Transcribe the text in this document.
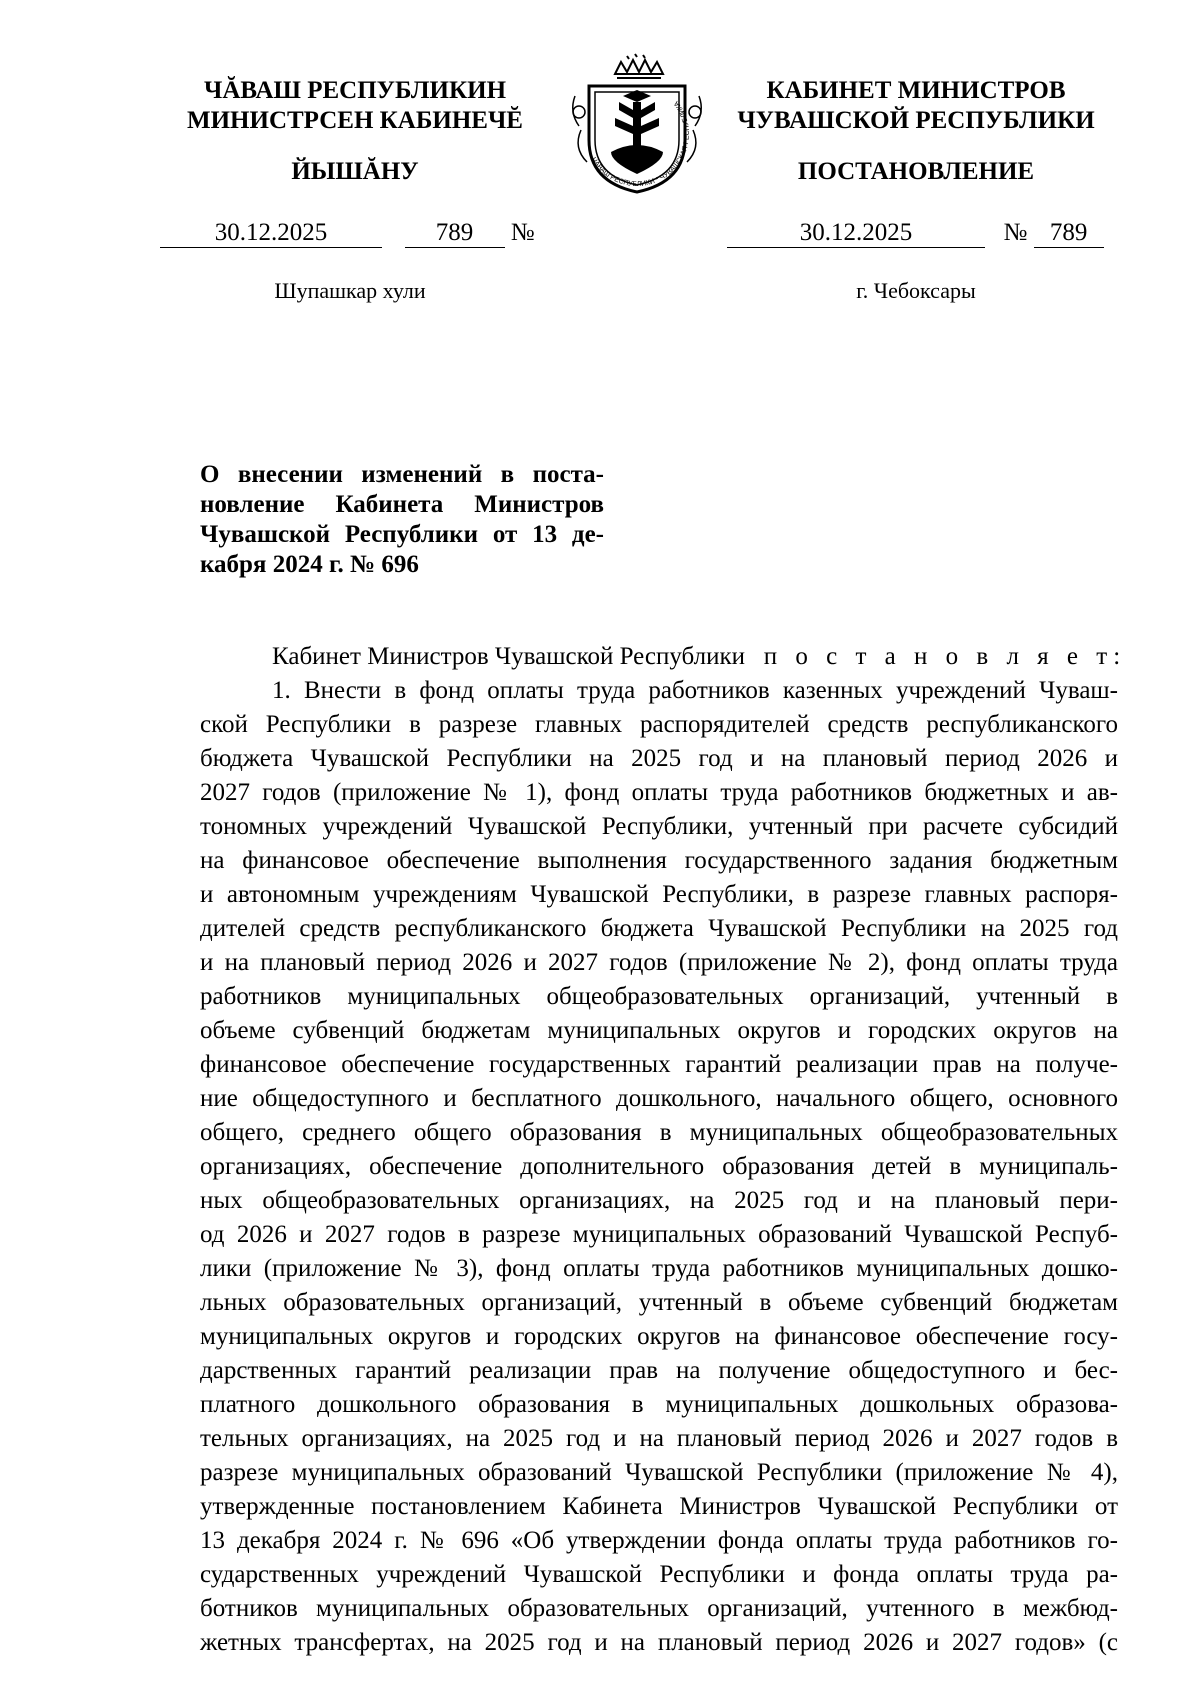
ЧĂВАШ РЕСПУБЛИКИН
МИНИСТРСЕН КАБИНЕЧĔ
ЙЫШĂНУ
30.12.2025	789 №
Шупашкар хули
ЧĂВАШ РЕСПУБЛИКИ * ЧУВАШСКАЯ РЕСПУБЛИКА	КАБИНЕТ МИНИСТРОВ
ЧУВАШСКОЙ РЕСПУБЛИКИ
ПОСТАНОВЛЕНИЕ
30.12.2025	№ 789
г. Чебоксары
О внесении изменений в поста-
новление Кабинета Министров
Чувашской Республики от 13 де-
кабря 2024 г. № 696
Кабинет Министров Чувашской Республики п о с т а н о в л я е т:
1. Внести в фонд оплаты труда работников казенных учреждений Чуваш-
ской Республики в разрезе главных распорядителей средств республиканского
бюджета Чувашской Республики на 2025 год и на плановый период 2026 и
2027 годов (приложение № 1), фонд оплаты труда работников бюджетных и ав-
тономных учреждений Чувашской Республики, учтенный при расчете субсидий
на финансовое обеспечение выполнения государственного задания бюджетным
и автономным учреждениям Чувашской Республики, в разрезе главных распоря-
дителей средств республиканского бюджета Чувашской Республики на 2025 год
и на плановый период 2026 и 2027 годов (приложение № 2), фонд оплаты труда
работников муниципальных общеобразовательных организаций, учтенный в
объеме субвенций бюджетам муниципальных округов и городских округов на
финансовое обеспечение государственных гарантий реализации прав на получе-
ние общедоступного и бесплатного дошкольного, начального общего, основного
общего, среднего общего образования в муниципальных общеобразовательных
организациях, обеспечение дополнительного образования детей в муниципаль-
ных общеобразовательных организациях, на 2025 год и на плановый пери-
од 2026 и 2027 годов в разрезе муниципальных образований Чувашской Респуб-
лики (приложение № 3), фонд оплаты труда работников муниципальных дошко-
льных образовательных организаций, учтенный в объеме субвенций бюджетам
муниципальных округов и городских округов на финансовое обеспечение госу-
дарственных гарантий реализации прав на получение общедоступного и бес-
платного дошкольного образования в муниципальных дошкольных образова-
тельных организациях, на 2025 год и на плановый период 2026 и 2027 годов в
разрезе муниципальных образований Чувашской Республики (приложение № 4),
утвержденные постановлением Кабинета Министров Чувашской Республики от
13 декабря 2024 г. № 696 «Об утверждении фонда оплаты труда работников го-
сударственных учреждений Чувашской Республики и фонда оплаты труда ра-
ботников муниципальных образовательных организаций, учтенного в межбюд-
жетных трансфертах, на 2025 год и на плановый период 2026 и 2027 годов» (с
